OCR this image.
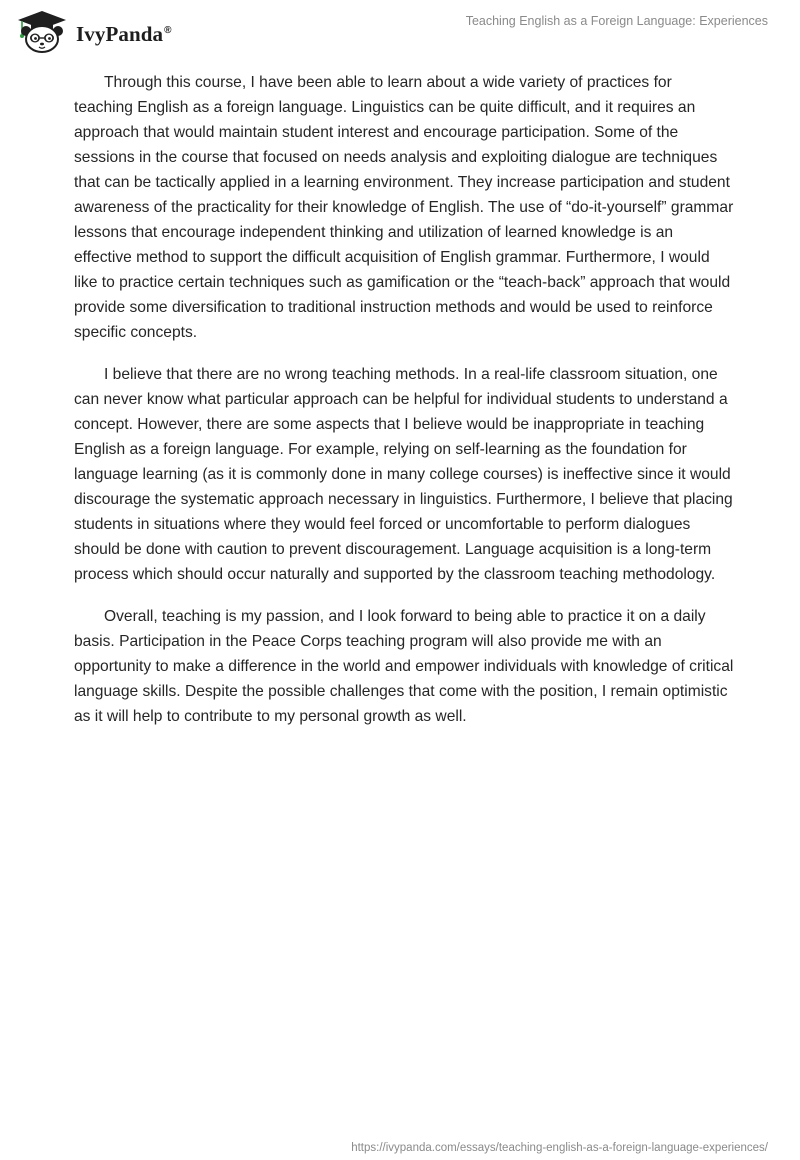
IvyPanda®
Teaching English as a Foreign Language: Experiences

Through this course, I have been able to learn about a wide variety of practices for teaching English as a foreign language. Linguistics can be quite difficult, and it requires an approach that would maintain student interest and encourage participation. Some of the sessions in the course that focused on needs analysis and exploiting dialogue are techniques that can be tactically applied in a learning environment. They increase participation and student awareness of the practicality for their knowledge of English. The use of “do-it-yourself” grammar lessons that encourage independent thinking and utilization of learned knowledge is an effective method to support the difficult acquisition of English grammar. Furthermore, I would like to practice certain techniques such as gamification or the “teach-back” approach that would provide some diversification to traditional instruction methods and would be used to reinforce specific concepts.

I believe that there are no wrong teaching methods. In a real-life classroom situation, one can never know what particular approach can be helpful for individual students to understand a concept. However, there are some aspects that I believe would be inappropriate in teaching English as a foreign language. For example, relying on self-learning as the foundation for language learning (as it is commonly done in many college courses) is ineffective since it would discourage the systematic approach necessary in linguistics. Furthermore, I believe that placing students in situations where they would feel forced or uncomfortable to perform dialogues should be done with caution to prevent discouragement. Language acquisition is a long-term process which should occur naturally and supported by the classroom teaching methodology.

Overall, teaching is my passion, and I look forward to being able to practice it on a daily basis. Participation in the Peace Corps teaching program will also provide me with an opportunity to make a difference in the world and empower individuals with knowledge of critical language skills. Despite the possible challenges that come with the position, I remain optimistic as it will help to contribute to my personal growth as well.

https://ivypanda.com/essays/teaching-english-as-a-foreign-language-experiences/
